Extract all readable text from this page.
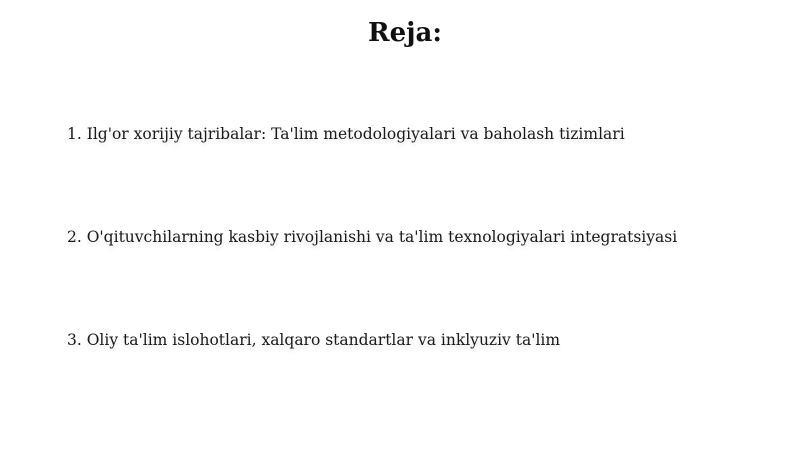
Reja:
1. Ilg'or xorijiy tajribalar: Ta'lim metodologiyalari va baholash tizimlari
2. O'qituvchilarning kasbiy rivojlanishi va ta'lim texnologiyalari integratsiyasi
3. Oliy ta'lim islohotlari, xalqaro standartlar va inklyuziv ta'lim
